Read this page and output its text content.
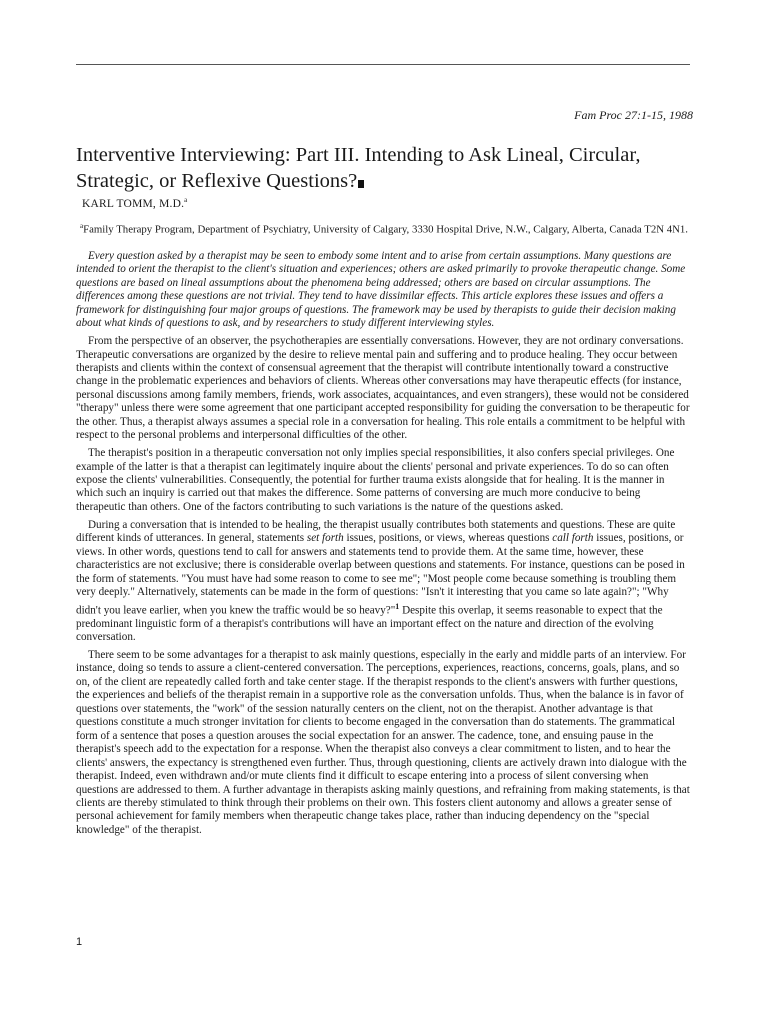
Fam Proc 27:1-15, 1988
Interventive Interviewing: Part III. Intending to Ask Lineal, Circular, Strategic, or Reflexive Questions?
KARL TOMM, M.D.$^a$
$^a$Family Therapy Program, Department of Psychiatry, University of Calgary, 3330 Hospital Drive, N.W., Calgary, Alberta, Canada T2N 4N1.

Every question asked by a therapist may be seen to embody some intent and to arise from certain assumptions. Many questions are intended to orient the therapist to the client's situation and experiences; others are asked primarily to provoke therapeutic change. Some questions are based on lineal assumptions about the phenomena being addressed; others are based on circular assumptions. The differences among these questions are not trivial. They tend to have dissimilar effects. This article explores these issues and offers a framework for distinguishing four major groups of questions. The framework may be used by therapists to guide their decision making about what kinds of questions to ask, and by researchers to study different interviewing styles.

From the perspective of an observer, the psychotherapies are essentially conversations. However, they are not ordinary conversations. Therapeutic conversations are organized by the desire to relieve mental pain and suffering and to produce healing. They occur between therapists and clients within the context of consensual agreement that the therapist will contribute intentionally toward a constructive change in the problematic experiences and behaviors of clients. Whereas other conversations may have therapeutic effects (for instance, personal discussions among family members, friends, work associates, acquaintances, and even strangers), these would not be considered "therapy" unless there were some agreement that one participant accepted responsibility for guiding the conversation to be therapeutic for the other. Thus, a therapist always assumes a special role in a conversation for healing. This role entails a commitment to be helpful with respect to the personal problems and interpersonal difficulties of the other.

The therapist's position in a therapeutic conversation not only implies special responsibilities, it also confers special privileges. One example of the latter is that a therapist can legitimately inquire about the clients' personal and private experiences. To do so can often expose the clients' vulnerabilities. Consequently, the potential for further trauma exists alongside that for healing. It is the manner in which such an inquiry is carried out that makes the difference. Some patterns of conversing are much more conducive to being therapeutic than others. One of the factors contributing to such variations is the nature of the questions asked.

During a conversation that is intended to be healing, the therapist usually contributes both statements and questions. These are quite different kinds of utterances. In general, statements set forth issues, positions, or views, whereas questions call forth issues, positions, or views. In other words, questions tend to call for answers and statements tend to provide them. At the same time, however, these characteristics are not exclusive; there is considerable overlap between questions and statements. For instance, questions can be posed in the form of statements. "You must have had some reason to come to see me"; "Most people come because something is troubling them very deeply." Alternatively, statements can be made in the form of questions: "Isn't it interesting that you came so late again?"; "Why didn't you leave earlier, when you knew the traffic would be so heavy?"$^1$ Despite this overlap, it seems reasonable to expect that the predominant linguistic form of a therapist's contributions will have an important effect on the nature and direction of the evolving conversation.

There seem to be some advantages for a therapist to ask mainly questions, especially in the early and middle parts of an interview. For instance, doing so tends to assure a client-centered conversation. The perceptions, experiences, reactions, concerns, goals, plans, and so on, of the client are repeatedly called forth and take center stage. If the therapist responds to the client's answers with further questions, the experiences and beliefs of the therapist remain in a supportive role as the conversation unfolds. Thus, when the balance is in favor of questions over statements, the "work" of the session naturally centers on the client, not on the therapist. Another advantage is that questions constitute a much stronger invitation for clients to become engaged in the conversation than do statements. The grammatical form of a sentence that poses a question arouses the social expectation for an answer. The cadence, tone, and ensuing pause in the therapist's speech add to the expectation for a response. When the therapist also conveys a clear commitment to listen, and to hear the clients' answers, the expectancy is strengthened even further. Thus, through questioning, clients are actively drawn into dialogue with the therapist. Indeed, even withdrawn and/or mute clients find it difficult to escape entering into a process of silent conversing when questions are addressed to them. A further advantage in therapists asking mainly questions, and refraining from making statements, is that clients are thereby stimulated to think through their problems on their own. This fosters client autonomy and allows a greater sense of personal achievement for family members when therapeutic change takes place, rather than inducing dependency on the "special knowledge" of the therapist.

1
